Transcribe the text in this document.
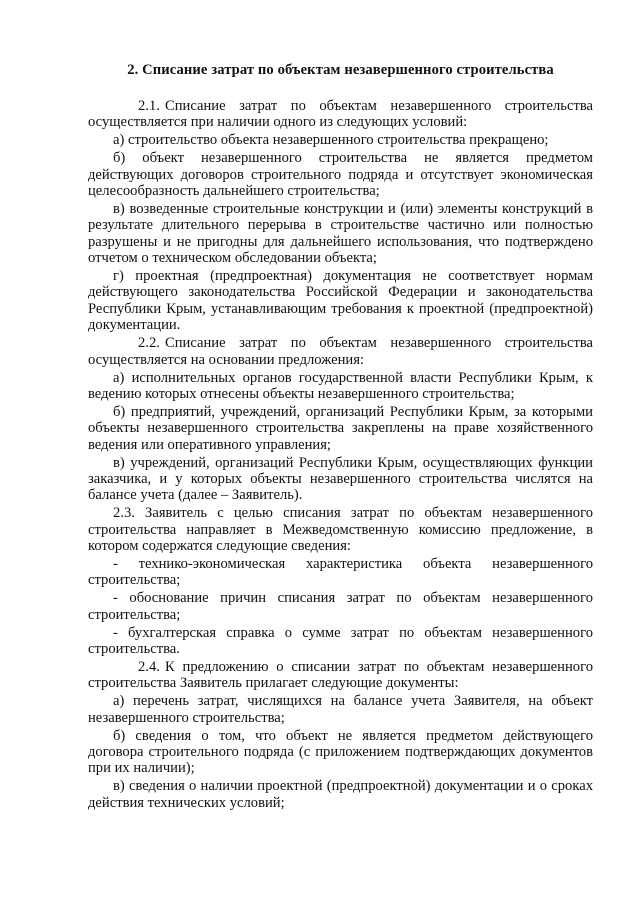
2. Списание затрат по объектам незавершенного строительства
2.1. Списание затрат по объектам незавершенного строительства осуществляется при наличии одного из следующих условий:
а) строительство объекта незавершенного строительства прекращено;
б) объект незавершенного строительства не является предметом действующих договоров строительного подряда и отсутствует экономическая целесообразность дальнейшего строительства;
в) возведенные строительные конструкции и (или) элементы конструкций в результате длительного перерыва в строительстве частично или полностью разрушены и не пригодны для дальнейшего использования, что подтверждено отчетом о техническом обследовании объекта;
г) проектная (предпроектная) документация не соответствует нормам действующего законодательства Российской Федерации и законодательства Республики Крым, устанавливающим требования к проектной (предпроектной) документации.
2.2. Списание затрат по объектам незавершенного строительства осуществляется на основании предложения:
а) исполнительных органов государственной власти Республики Крым, к ведению которых отнесены объекты незавершенного строительства;
б) предприятий, учреждений, организаций Республики Крым, за которыми объекты незавершенного строительства закреплены на праве хозяйственного ведения или оперативного управления;
в) учреждений, организаций Республики Крым, осуществляющих функции заказчика, и у которых объекты незавершенного строительства числятся на балансе учета (далее – Заявитель).
2.3. Заявитель с целью списания затрат по объектам незавершенного строительства направляет в Межведомственную комиссию предложение, в котором содержатся следующие сведения:
- технико-экономическая характеристика объекта незавершенного строительства;
- обоснование причин списания затрат по объектам незавершенного строительства;
- бухгалтерская справка о сумме затрат по объектам незавершенного строительства.
2.4. К предложению о списании затрат по объектам незавершенного строительства Заявитель прилагает следующие документы:
а) перечень затрат, числящихся на балансе учета Заявителя, на объект незавершенного строительства;
б) сведения о том, что объект не является предметом действующего договора строительного подряда (с приложением подтверждающих документов при их наличии);
в) сведения о наличии проектной (предпроектной) документации и о сроках действия технических условий;
